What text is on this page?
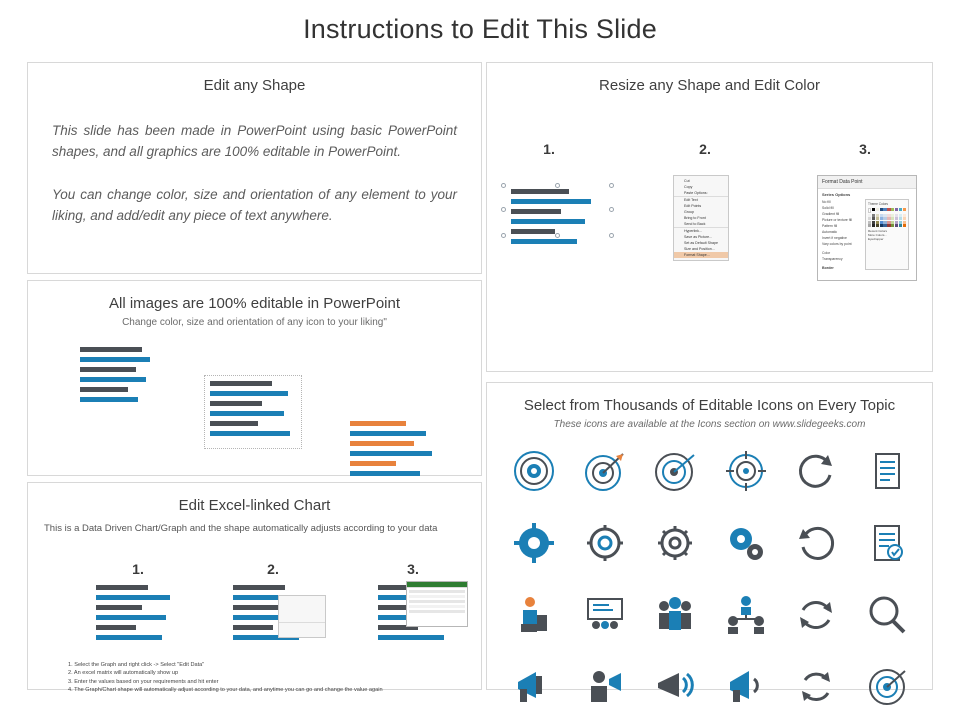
Instructions to Edit This Slide
Edit any Shape
This slide has been made in PowerPoint using basic PowerPoint shapes, and all graphics are 100% editable in PowerPoint.
You can change color, size and orientation of any element to your liking, and add/edit any piece of text anywhere.
All images are 100% editable in PowerPoint
Change color, size and orientation of any icon to your liking"
Edit Excel-linked Chart
This is a Data Driven Chart/Graph and the shape automatically adjusts according to your data
1.	2.	3.

1. Select the Graph and right click -> Select "Edit Data"
2. An excel matrix will automatically show up
3. Enter the values based on your requirements and hit enter
4. The Graph/Chart shape will automatically adjust according to your data, and anytime you can go and change the value again
Resize any Shape and Edit Color
1.	2.	3.
Cut
Copy
Paste Options:
Edit Text
Edit Points
Group
Bring to Front
Send to Back
Hyperlink...
Save as Picture...
Set as Default Shape
Size and Position...
Format Shape...
Format Data Point
Series Options
No fill
Solid fill
Gradient fill
Picture or texture fill
Pattern fill
Automatic
Invert if negative
Vary colors by point
Color
Transparency
Border
Theme Colors
Recent Colors
More Colors...
Eyedropper
Select from Thousands of Editable Icons on Every Topic
These icons are available at the Icons section on www.slidegeeks.com
